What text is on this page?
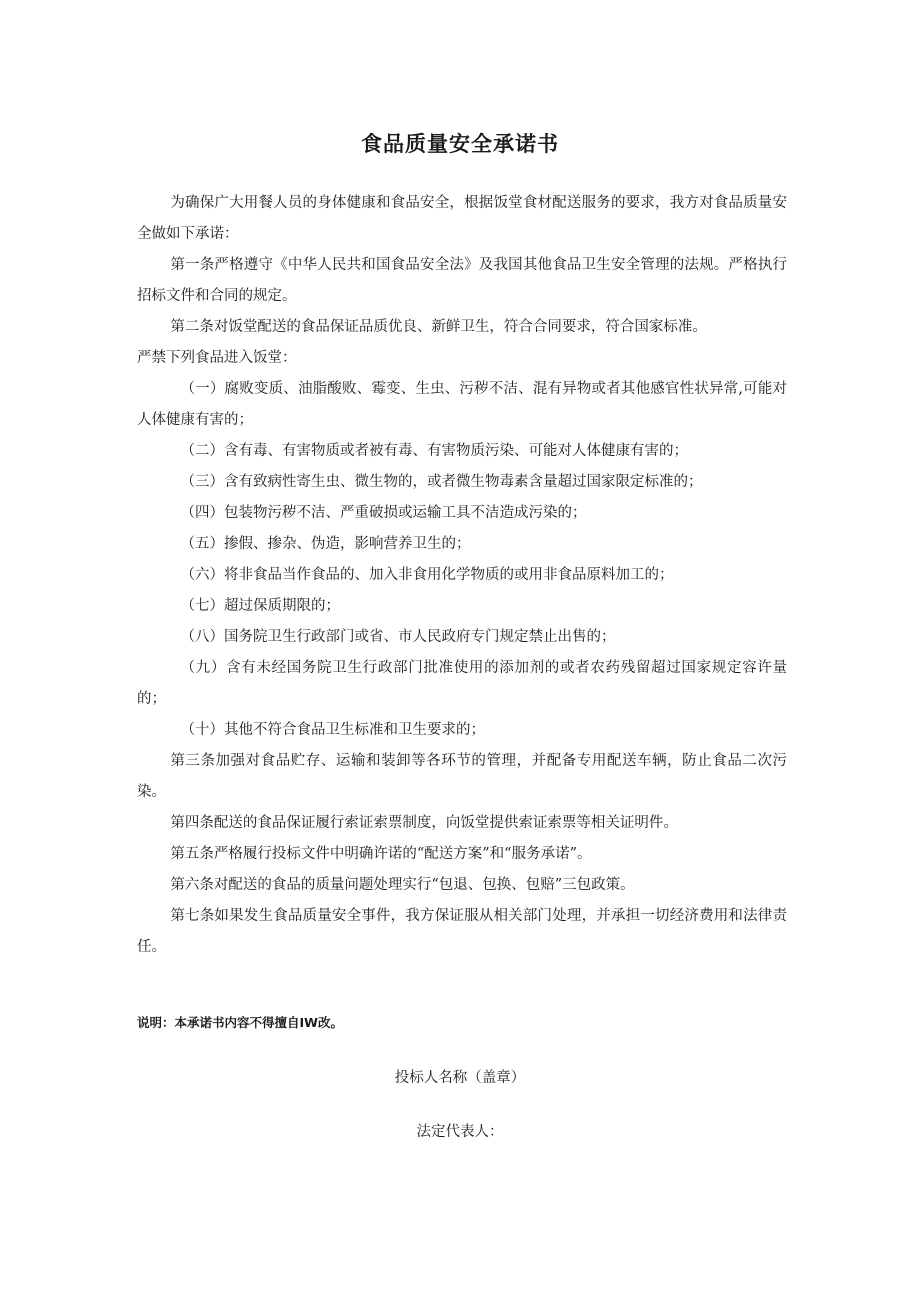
食品质量安全承诺书

为确保广大用餐人员的身体健康和食品安全，根据饭堂食材配送服务的要求，我方对食品质量安全做如下承诺：

第一条严格遵守《中华人民共和国食品安全法》及我国其他食品卫生安全管理的法规。严格执行招标文件和合同的规定。

第二条对饭堂配送的食品保证品质优良、新鲜卫生，符合合同要求，符合国家标准。

严禁下列食品进入饭堂：

（一）腐败变质、油脂酸败、霉变、生虫、污秽不洁、混有异物或者其他感官性状异常,可能对人体健康有害的；

（二）含有毒、有害物质或者被有毒、有害物质污染、可能对人体健康有害的；

（三）含有致病性寄生虫、微生物的，或者微生物毒素含量超过国家限定标准的；

（四）包装物污秽不洁、严重破损或运输工具不洁造成污染的；

（五）掺假、掺杂、伪造，影响营养卫生的；

（六）将非食品当作食品的、加入非食用化学物质的或用非食品原料加工的；

（七）超过保质期限的；

（八）国务院卫生行政部门或省、市人民政府专门规定禁止出售的；

（九）含有未经国务院卫生行政部门批准使用的添加剂的或者农药残留超过国家规定容许量的；

（十）其他不符合食品卫生标准和卫生要求的；

第三条加强对食品贮存、运输和装卸等各环节的管理，并配备专用配送车辆，防止食品二次污染。

第四条配送的食品保证履行索证索票制度，向饭堂提供索证索票等相关证明件。

第五条严格履行投标文件中明确许诺的“配送方案”和“服务承诺”。

第六条对配送的食品的质量问题处理实行“包退、包换、包赔”三包政策。

第七条如果发生食品质量安全事件，我方保证服从相关部门处理，并承担一切经济费用和法律责任。

说明：本承诺书内容不得擅自IW改。

投标人名称（盖章）

法定代表人：
